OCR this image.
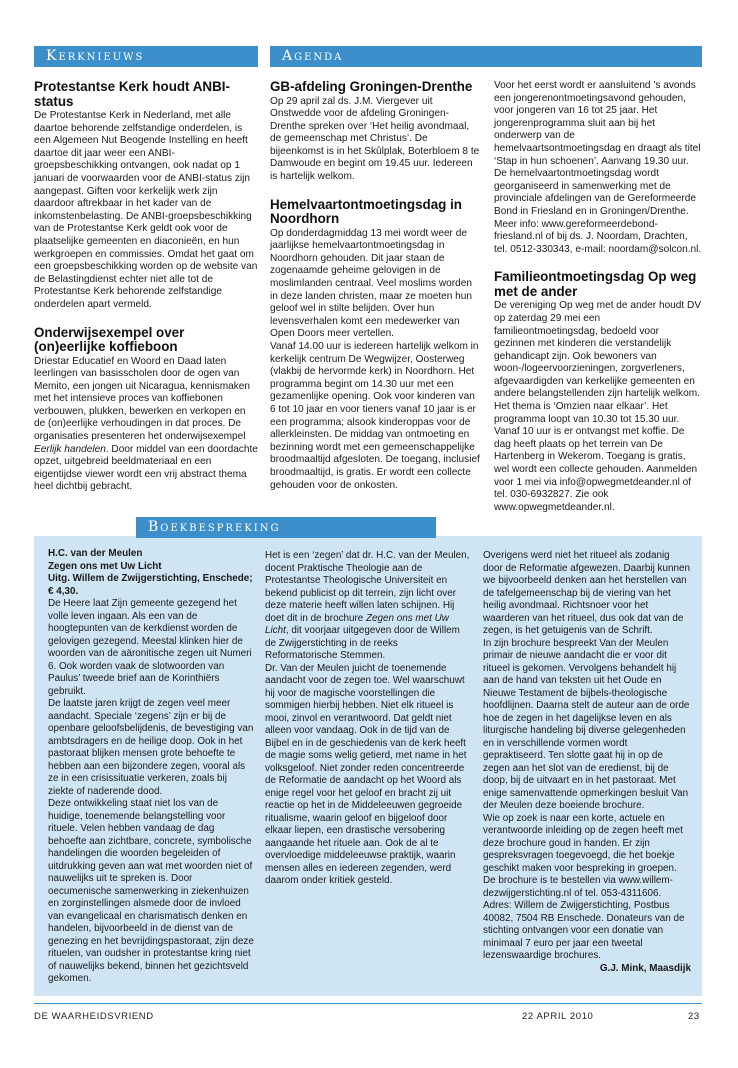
Kerknieuws	Agenda
Protestantse Kerk houdt ANBI-status

De Protestantse Kerk in Nederland, met alle daartoe behorende zelfstandige onderdelen, is een Algemeen Nut Beogende Instelling en heeft daartoe dit jaar weer een ANBI-groepsbeschikking ontvangen, ook nadat op 1 januari de voorwaarden voor de ANBI-status zijn aangepast. Giften voor kerkelijk werk zijn daardoor aftrekbaar in het kader van de inkomstenbelasting. De ANBI-groepsbeschikking van de Protestantse Kerk geldt ook voor de plaatselijke gemeenten en diaconieën, en hun werkgroepen en commissies. Omdat het gaat om een groepsbeschikking worden op de website van de Belastingdienst echter niet alle tot de Protestantse Kerk behorende zelfstandige onderdelen apart vermeld.

Onderwijsexempel over (on)eerlijke koffieboon

Driestar Educatief en Woord en Daad laten leerlingen van basisscholen door de ogen van Memito, een jongen uit Nicaragua, kennismaken met het intensieve proces van koffiebonen verbouwen, plukken, bewerken en verkopen en de (on)eerlijke verhoudingen in dat proces. De organisaties presenteren het onderwijsexempel Eerlijk handelen. Door middel van een doordachte opzet, uitgebreid beeldmateriaal en een eigentijdse viewer wordt een vrij abstract thema heel dichtbij gebracht.

GB-afdeling Groningen-Drenthe

Op 29 april zal ds. J.M. Viergever uit Onstwedde voor de afdeling Groningen-Drenthe spreken over ‘Het heilig avondmaal, de gemeenschap met Christus’. De bijeenkomst is in het Skûlplak, Boterbloem 8 te Damwoude en begint om 19.45 uur. Iedereen is hartelijk welkom.

Hemelvaartontmoetingsdag in Noordhorn

Op donderdagmiddag 13 mei wordt weer de jaarlijkse hemelvaartontmoetingsdag in Noordhorn gehouden. Dit jaar staan de zogenaamde geheime gelovigen in de moslimlanden centraal. Veel moslims worden in deze landen christen, maar ze moeten hun geloof wel in stilte belijden. Over hun levensverhalen komt een medewerker van Open Doors meer vertellen.

Vanaf 14.00 uur is iedereen hartelijk welkom in kerkelijk centrum De Wegwijzer, Oosterweg (vlakbij de hervormde kerk) in Noordhorn. Het programma begint om 14.30 uur met een gezamenlijke opening. Ook voor kinderen van 6 tot 10 jaar en voor tieners vanaf 10 jaar is er een programma; alsook kinderoppas voor de allerkleinsten. De middag van ontmoeting en bezinning wordt met een gemeenschappelijke broodmaaltijd afgesloten. De toegang, inclusief broodmaaltijd, is gratis. Er wordt een collecte gehouden voor de onkosten.

Voor het eerst wordt er aansluitend ’s avonds een jongerenontmoetingsavond gehouden, voor jongeren van 16 tot 25 jaar. Het jongerenprogramma sluit aan bij het onderwerp van de hemelvaartsontmoetingsdag en draagt als titel ‘Stap in hun schoenen’. Aanvang 19.30 uur.

De hemelvaartontmoetingsdag wordt georganiseerd in samenwerking met de provinciale afdelingen van de Gereformeerde Bond in Friesland en in Groningen/Drenthe. Meer info: www.gereformeerdebond-friesland.nl of bij ds. J. Noordam, Drachten, tel. 0512-330343, e-mail: noordam@solcon.nl.

Familieontmoetingsdag Op weg met de ander

De vereniging Op weg met de ander houdt DV op zaterdag 29 mei een familieontmoetingsdag, bedoeld voor gezinnen met kinderen die verstandelijk gehandicapt zijn. Ook bewoners van woon-/logeervoorzieningen, zorgverleners, afgevaardigden van kerkelijke gemeenten en andere belangstellenden zijn hartelijk welkom. Het thema is ‘Omzien naar elkaar’. Het programma loopt van 10.30 tot 15.30 uur. Vanaf 10 uur is er ontvangst met koffie. De dag heeft plaats op het terrein van De Hartenberg in Wekerom. Toegang is gratis, wel wordt een collecte gehouden. Aanmelden voor 1 mei via info@opwegmetdeander.nl of tel. 030-6932827. Zie ook www.opwegmetdeander.nl.

Boekbespreking

H.C. van der Meulen

Zegen ons met Uw Licht

Uitg. Willem de Zwijgerstichting, Enschede; € 4,30.

De Heere laat Zijn gemeente gezegend het volle leven ingaan. Als een van de hoogtepunten van de kerkdienst worden de gelovigen gezegend. Meestal klinken hier de woorden van de aäronitische zegen uit Numeri 6. Ook worden vaak de slotwoorden van Paulus’ tweede brief aan de Korinthiërs gebruikt.

De laatste jaren krijgt de zegen veel meer aandacht. Speciale ‘zegens’ zijn er bij de openbare geloofsbelijdenis, de bevestiging van ambtsdragers en de heilige doop. Ook in het pastoraat blijken mensen grote behoefte te hebben aan een bijzondere zegen, vooral als ze in een crisissituatie verkeren, zoals bij ziekte of naderende dood.

Deze ontwikkeling staat niet los van de huidige, toenemende belangstelling voor rituele. Velen hebben vandaag de dag behoefte aan zichtbare, concrete, symbolische handelingen die woorden begeleiden of uitdrukking geven aan wat met woorden niet of nauwelijks uit te spreken is. Door oecumenische samenwerking in ziekenhuizen en zorginstellingen alsmede door de invloed van evangelicaal en charismatisch denken en handelen, bijvoorbeeld in de dienst van de genezing en het bevrijdingspastoraat, zijn deze rituelen, van oudsher in protestantse kring niet of nauwelijks bekend, binnen het gezichtsveld gekomen.

Het is een ‘zegen’ dat dr. H.C. van der Meulen, docent Praktische Theologie aan de Protestantse Theologische Universiteit en bekend publicist op dit terrein, zijn licht over deze materie heeft willen laten schijnen. Hij doet dit in de brochure Zegen ons met Uw Licht, dit voorjaar uitgegeven door de Willem de Zwijgerstichting in de reeks Reformatorische Stemmen.

Dr. Van der Meulen juicht de toenemende aandacht voor de zegen toe. Wel waarschuwt hij voor de magische voorstellingen die sommigen hierbij hebben. Niet elk ritueel is mooi, zinvol en verantwoord. Dat geldt niet alleen voor vandaag. Ook in de tijd van de Bijbel en in de geschiedenis van de kerk heeft de magie soms welig getierd, met name in het volksgeloof. Niet zonder reden concentreerde de Reformatie de aandacht op het Woord als enige regel voor het geloof en bracht zij uit reactie op het in de Middeleeuwen gegroeide ritualisme, waarin geloof en bijgeloof door elkaar liepen, een drastische versobering aangaande het rituele aan. Ook de al te overvloedige middeleeuwse praktijk, waarin mensen alles en iedereen zegenden, werd daarom onder kritiek gesteld.

Overigens werd niet het ritueel als zodanig door de Reformatie afgewezen. Daarbij kunnen we bijvoorbeeld denken aan het herstellen van de tafelgemeenschap bij de viering van het heilig avondmaal. Richtsnoer voor het waarderen van het ritueel, dus ook dat van de zegen, is het getuigenis van de Schrift.

In zijn brochure bespreekt Van der Meulen primair de nieuwe aandacht die er voor dit ritueel is gekomen. Vervolgens behandelt hij aan de hand van teksten uit het Oude en Nieuwe Testament de bijbels-theologische hoofdlijnen. Daarna stelt de auteur aan de orde hoe de zegen in het dagelijkse leven en als liturgische handeling bij diverse gelegenheden en in verschillende vormen wordt gepraktiseerd. Ten slotte gaat hij in op de zegen aan het slot van de eredienst, bij de doop, bij de uitvaart en in het pastoraat. Met enige samenvattende opmerkingen besluit Van der Meulen deze boeiende brochure.

Wie op zoek is naar een korte, actuele en verantwoorde inleiding op de zegen heeft met deze brochure goud in handen. Er zijn gespreksvragen toegevoegd, die het boekje geschikt maken voor bespreking in groepen. De brochure is te bestellen via www.willem-dezwijgerstichting.nl of tel. 053-4311606. Adres: Willem de Zwijgerstichting, Postbus 40082, 7504 RB Enschede. Donateurs van de stichting ontvangen voor een donatie van minimaal 7 euro per jaar een tweetal lezenswaardige brochures.

G.J. Mink, Maasdijk

DE WAARHEIDSVRIEND	22 APRIL 2010	23
